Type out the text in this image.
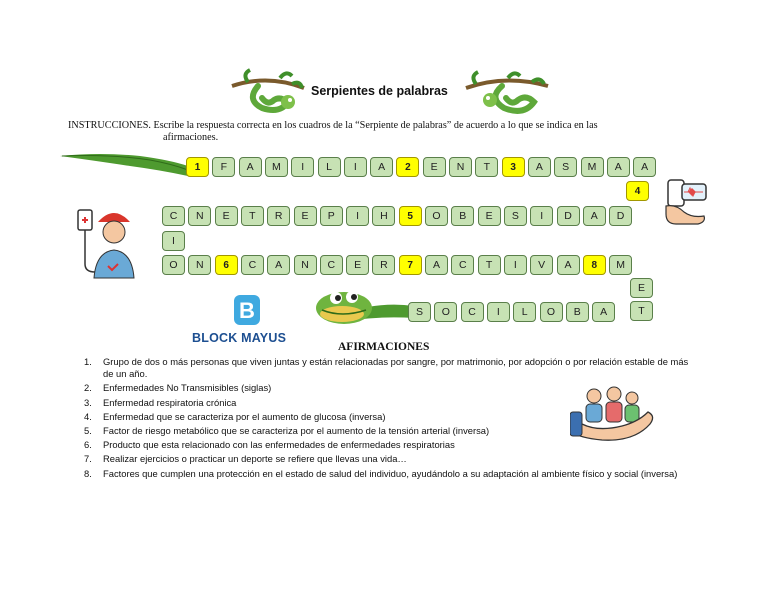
Serpientes de palabras
INSTRUCCIONES. Escribe la respuesta correcta en los cuadros de la “Serpiente de palabras” de acuerdo a lo que se indica en las
afirmaciones.
B
BLOCK MAYUS
1	F	A	M	I	L	I	A	2	E	N	T	3	A	S	M	A	A
4
C	N	E	T	R	E	P	I	H	5	O	B	E	S	I	D	A	D
I
O	N	6	C	A	N	C	E	R	7	A	C	T	I	V	A	8	M
E
T
S	O	C	I	L	O	B	A
AFIRMACIONES
1. Grupo de dos o más personas que viven juntas y están relacionadas por sangre, por matrimonio, por adopción o por relación estable de más de un año.
2. Enfermedades No Transmisibles (siglas)
3. Enfermedad respiratoria crónica
4. Enfermedad que se caracteriza por el aumento de glucosa (inversa)
5. Factor de riesgo metabólico que se caracteriza por el aumento de la tensión arterial (inversa)
6. Producto que esta relacionado con las enfermedades de enfermedades respiratorias
7. Realizar ejercicios o practicar un deporte se refiere que llevas una vida…
8. Factores que cumplen una protección en el estado de salud del individuo, ayudándolo a su adaptación al ambiente físico y social (inversa)
